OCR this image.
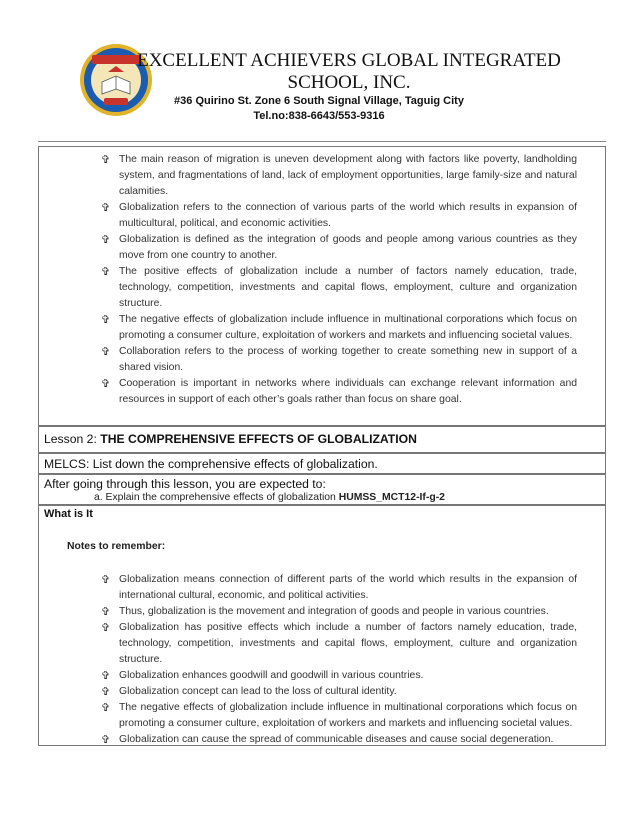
EXCELLENT ACHIEVERS GLOBAL INTEGRATED
SCHOOL, INC.
#36 Quirino St. Zone 6 South Signal Village, Taguig City
Tel.no:838-6643/553-9316
✞ The main reason of migration is uneven development along with factors like poverty, landholding system, and fragmentations of land, lack of employment opportunities, large family-size and natural calamities.
✞ Globalization refers to the connection of various parts of the world which results in expansion of multicultural, political, and economic activities.
✞ Globalization is defined as the integration of goods and people among various countries as they move from one country to another.
✞ The positive effects of globalization include a number of factors namely education, trade, technology, competition, investments and capital flows, employment, culture and organization structure.
✞ The negative effects of globalization include influence in multinational corporations which focus on promoting a consumer culture, exploitation of workers and markets and influencing societal values.
✞ Collaboration refers to the process of working together to create something new in support of a shared vision.
✞ Cooperation is important in networks where individuals can exchange relevant information and resources in support of each other’s goals rather than focus on share goal.
Lesson 2: THE COMPREHENSIVE EFFECTS OF GLOBALIZATION
MELCS: List down the comprehensive effects of globalization.
After going through this lesson, you are expected to:
a. Explain the comprehensive effects of globalization HUMSS_MCT12-If-g-2
What is It
Notes to remember:
✞ Globalization means connection of different parts of the world which results in the expansion of international cultural, economic, and political activities.
✞ Thus, globalization is the movement and integration of goods and people in various countries.
✞ Globalization has positive effects which include a number of factors namely education, trade, technology, competition, investments and capital flows, employment, culture and organization structure.
✞ Globalization enhances goodwill and goodwill in various countries.
✞ Globalization concept can lead to the loss of cultural identity.
✞ The negative effects of globalization include influence in multinational corporations which focus on promoting a consumer culture, exploitation of workers and markets and influencing societal values.
✞ Globalization can cause the spread of communicable diseases and cause social degeneration.
